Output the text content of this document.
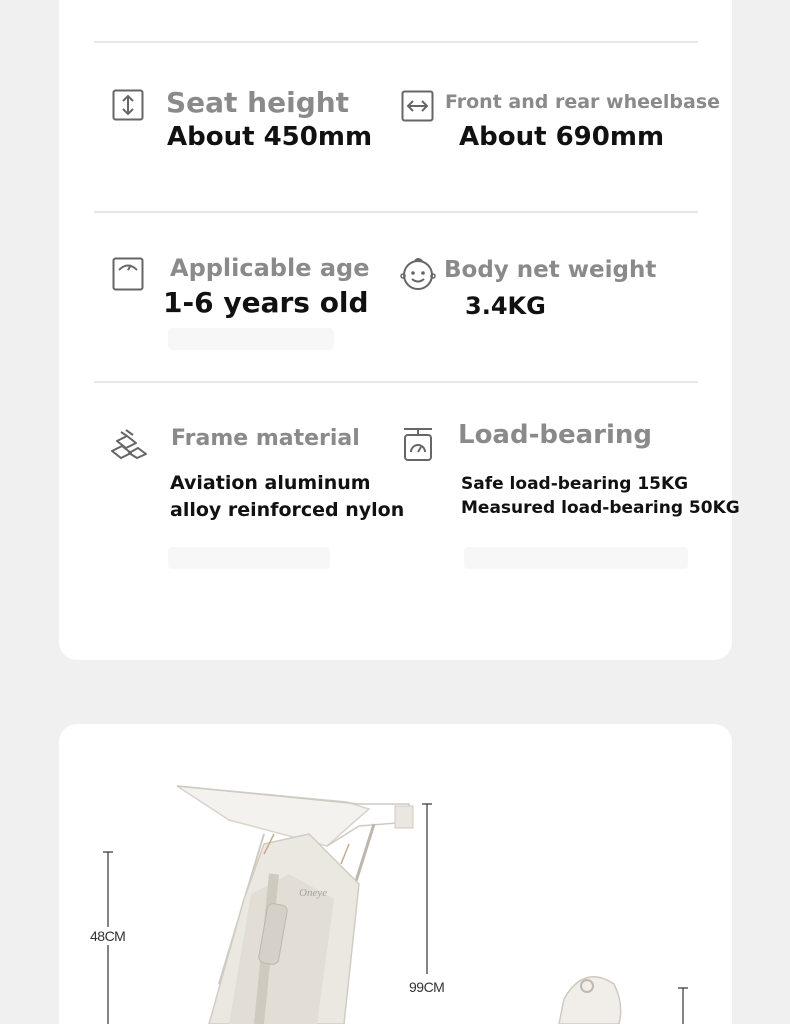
Seat height
About 450mm
Front and rear wheelbase
About 690mm
Applicable age
1-6 years old
Body net weight
3.4KG
Frame material
Aviation aluminum
alloy reinforced nylon
Load-bearing
Safe load-bearing 15KG
Measured load-bearing 50KG
Oneye
48CM
99CM
